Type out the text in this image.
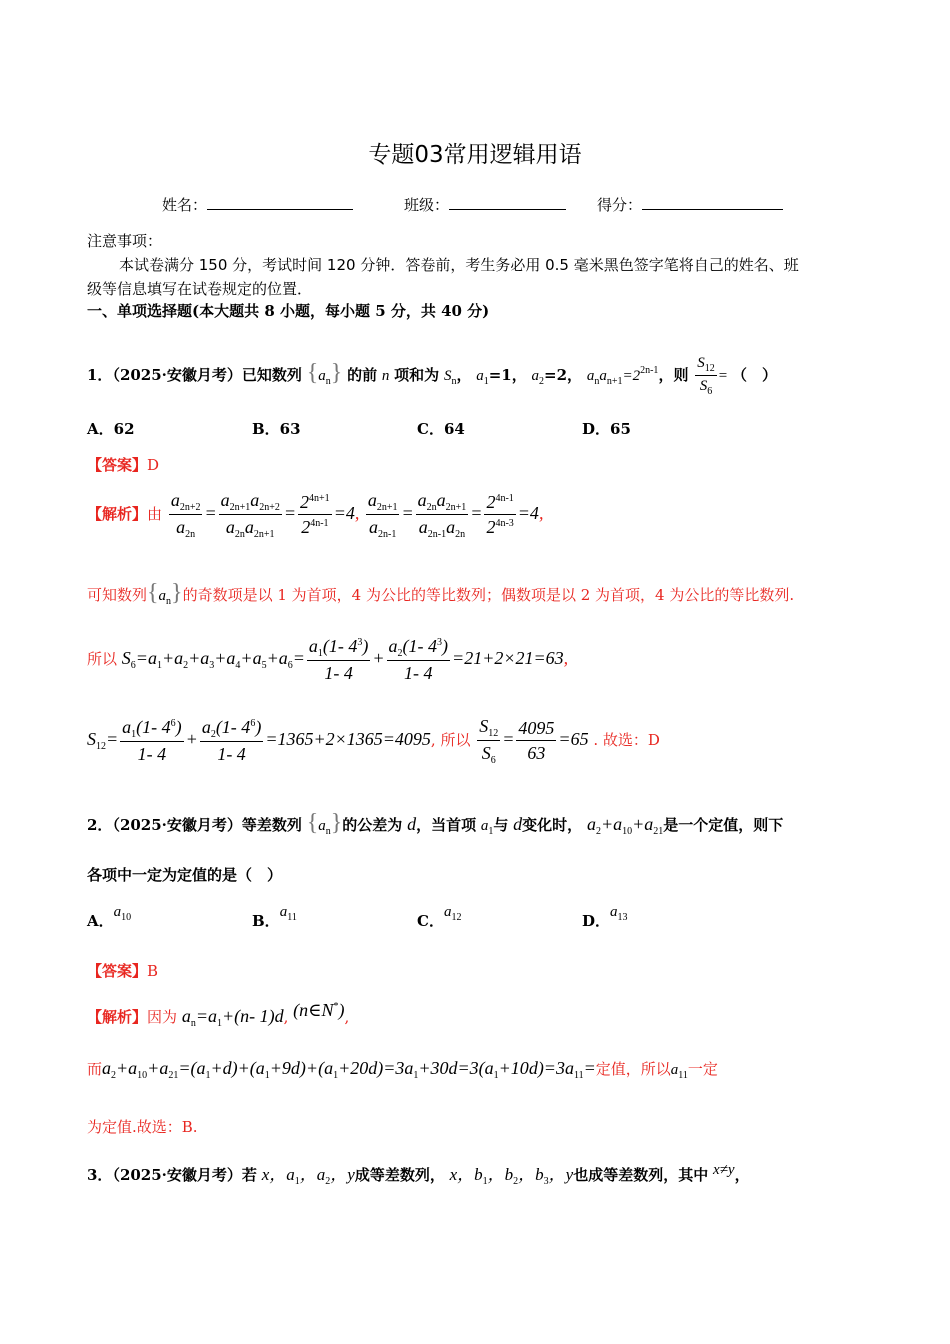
专题03常用逻辑用语
姓名：	班级：	得分：
注意事项：
本试卷满分 150 分，考试时间 120 分钟．答卷前，考生务必用 0.5 毫米黑色签字笔将自己的姓名、班
级等信息填写在试卷规定的位置．
一、单项选择题(本大题共 8 小题，每小题 5 分，共 40 分)
1．（2025·安徽月考）已知数列 $\{a_n\}$ 的前 n 项和为 $S_n$， $a_1=1$， $a_2=2$， $a_na_{n+1}=2^{2n-1}$，则 $\frac{S_{12}}{S_6}$ = （　）
A．62	B．63	C．64	D．65
【答案】D
【解析】由 $\frac{a_{2n+2}}{a_{2n}} = \frac{a_{2n+1}a_{2n+2}}{a_{2n}a_{2n+1}} = \frac{2^{4n+1}}{2^{4n-1}} =4$, $\frac{a_{2n+1}}{a_{2n-1}} = \frac{a_{2n}a_{2n+1}}{a_{2n-1}a_{2n}} = \frac{2^{4n-1}}{2^{4n-3}} =4$,
可知数列$\{a_n\}$的奇数项是以 1 为首项，4 为公比的等比数列；偶数项是以 2 为首项，4 为公比的等比数列.
所以 $S_6=a_1+a_2+a_3+a_4+a_5+a_6= \frac{a_1(1- 4^3)}{1- 4} + \frac{a_2(1- 4^3)}{1- 4} =21+2\times 21=63$,
$S_{12}= \frac{a_1(1- 4^6)}{1- 4} + \frac{a_2(1- 4^6)}{1- 4} =1365+2\times 1365=4095$, 所以 $\frac{S_{12}}{S_6} = \frac{4095}{63} =65$ . 故选：D
2．（2025·安徽月考）等差数列 $\{a_n\}$的公差为 d，当首项 $a_1$与 d变化时， $a_2+a_{10}+a_{21}$是一个定值，则下
各项中一定为定值的是（　）
A．$a_{10}$	B．$a_{11}$	C．$a_{12}$	D．$a_{13}$
【答案】B
【解析】因为 $a_n=a_1+(n-$ 1)d, (n∈N*),
而$a_2+a_{10}+a_{21}=(a_1+d)+(a_1+9d)+(a_1+20d)=3a_1+30d=3(a_1+10d)=3a_{11}=$定值，所以$a_{11}$一定
为定值.故选：B.
3．（2025·安徽月考）若 x，$a_1$，$a_2$，y成等差数列， x，$b_1$，$b_2$，$b_3$，y也成等差数列，其中 x≠y，
